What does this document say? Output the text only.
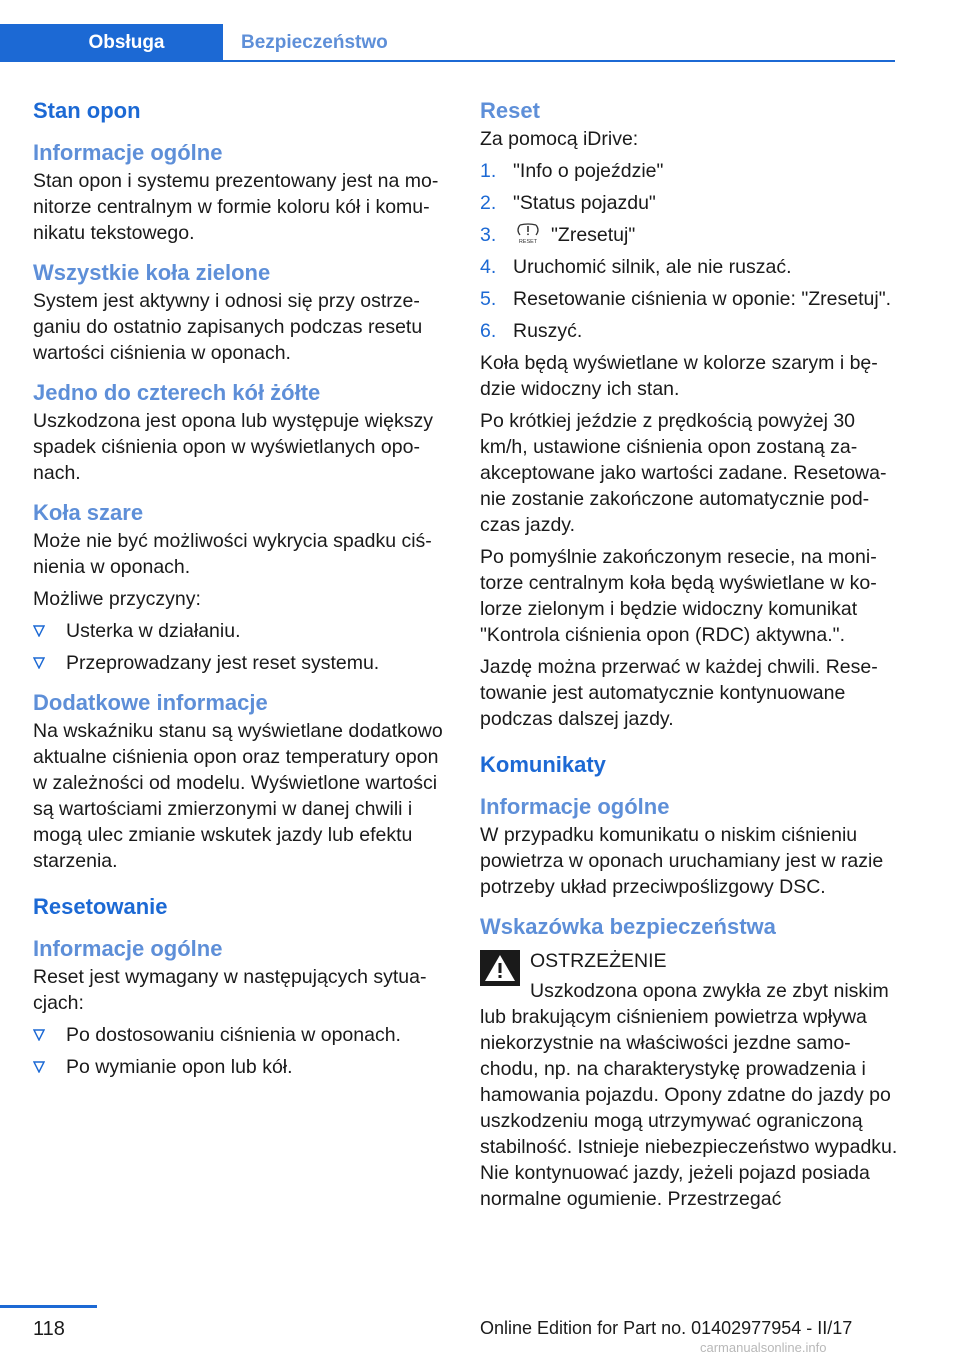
Obsługa	Bezpieczeństwo
Stan opon
Informacje ogólne

Stan opon i systemu prezentowany jest na monitorze centralnym w formie koloru kół i komunikatu tekstowego.

Wszystkie koła zielone

System jest aktywny i odnosi się przy ostrzeganiu do ostatnio zapisanych podczas resetu wartości ciśnienia w oponach.

Jedno do czterech kół żółte

Uszkodzona jest opona lub występuje większy spadek ciśnienia opon w wyświetlanych oponach.

Koła szare

Może nie być możliwości wykrycia spadku ciśnienia w oponach.

Możliwe przyczyny:

Usterka w działaniu.
Przeprowadzany jest reset systemu.
Dodatkowe informacje

Na wskaźniku stanu są wyświetlane dodatkowo aktualne ciśnienia opon oraz temperatury opon w zależności od modelu. Wyświetlone wartości są wartościami zmierzonymi w danej chwili i mogą ulec zmianie wskutek jazdy lub efektu starzenia.

Resetowanie
Informacje ogólne

Reset jest wymagany w następujących sytuacjach:

Po dostosowaniu ciśnienia w oponach.
Po wymianie opon lub kół.
Reset

Za pomocą iDrive:

1. "Info o pojeździe"
2. "Status pojazdu"
3.	RESET "Zresetuj"
4. Uruchomić silnik, ale nie ruszać.
5. Resetowanie ciśnienia w oponie: "Zresetuj".
6. Ruszyć.

Koła będą wyświetlane w kolorze szarym i będzie widoczny ich stan.

Po krótkiej jeździe z prędkością powyżej 30 km/h, ustawione ciśnienia opon zostaną zaakceptowane jako wartości zadane. Resetowanie zostanie zakończone automatycznie podczas jazdy.

Po pomyślnie zakończonym resecie, na monitorze centralnym koła będą wyświetlane w kolorze zielonym i będzie widoczny komunikat "Kontrola ciśnienia opon (RDC) aktywna.".

Jazdę można przerwać w każdej chwili. Resetowanie jest automatycznie kontynuowane podczas dalszej jazdy.

Komunikaty
Informacje ogólne

W przypadku komunikatu o niskim ciśnieniu powietrza w oponach uruchamiany jest w razie potrzeby układ przeciwpoślizgowy DSC.

Wskazówka bezpieczeństwa

OSTRZEŻENIE

Uszkodzona opona zwykła ze zbyt niskim lub brakującym ciśnieniem powietrza wpływa niekorzystnie na właściwości jezdne samochodu, np. na charakterystykę prowadzenia i hamowania pojazdu. Opony zdatne do jazdy po uszkodzeniu mogą utrzymywać ograniczoną stabilność. Istnieje niebezpieczeństwo wypadku. Nie kontynuować jazdy, jeżeli pojazd posiada normalne ogumienie. Przestrzegać

118	Online Edition for Part no. 01402977954 - II/17
carmanualsonline.info
